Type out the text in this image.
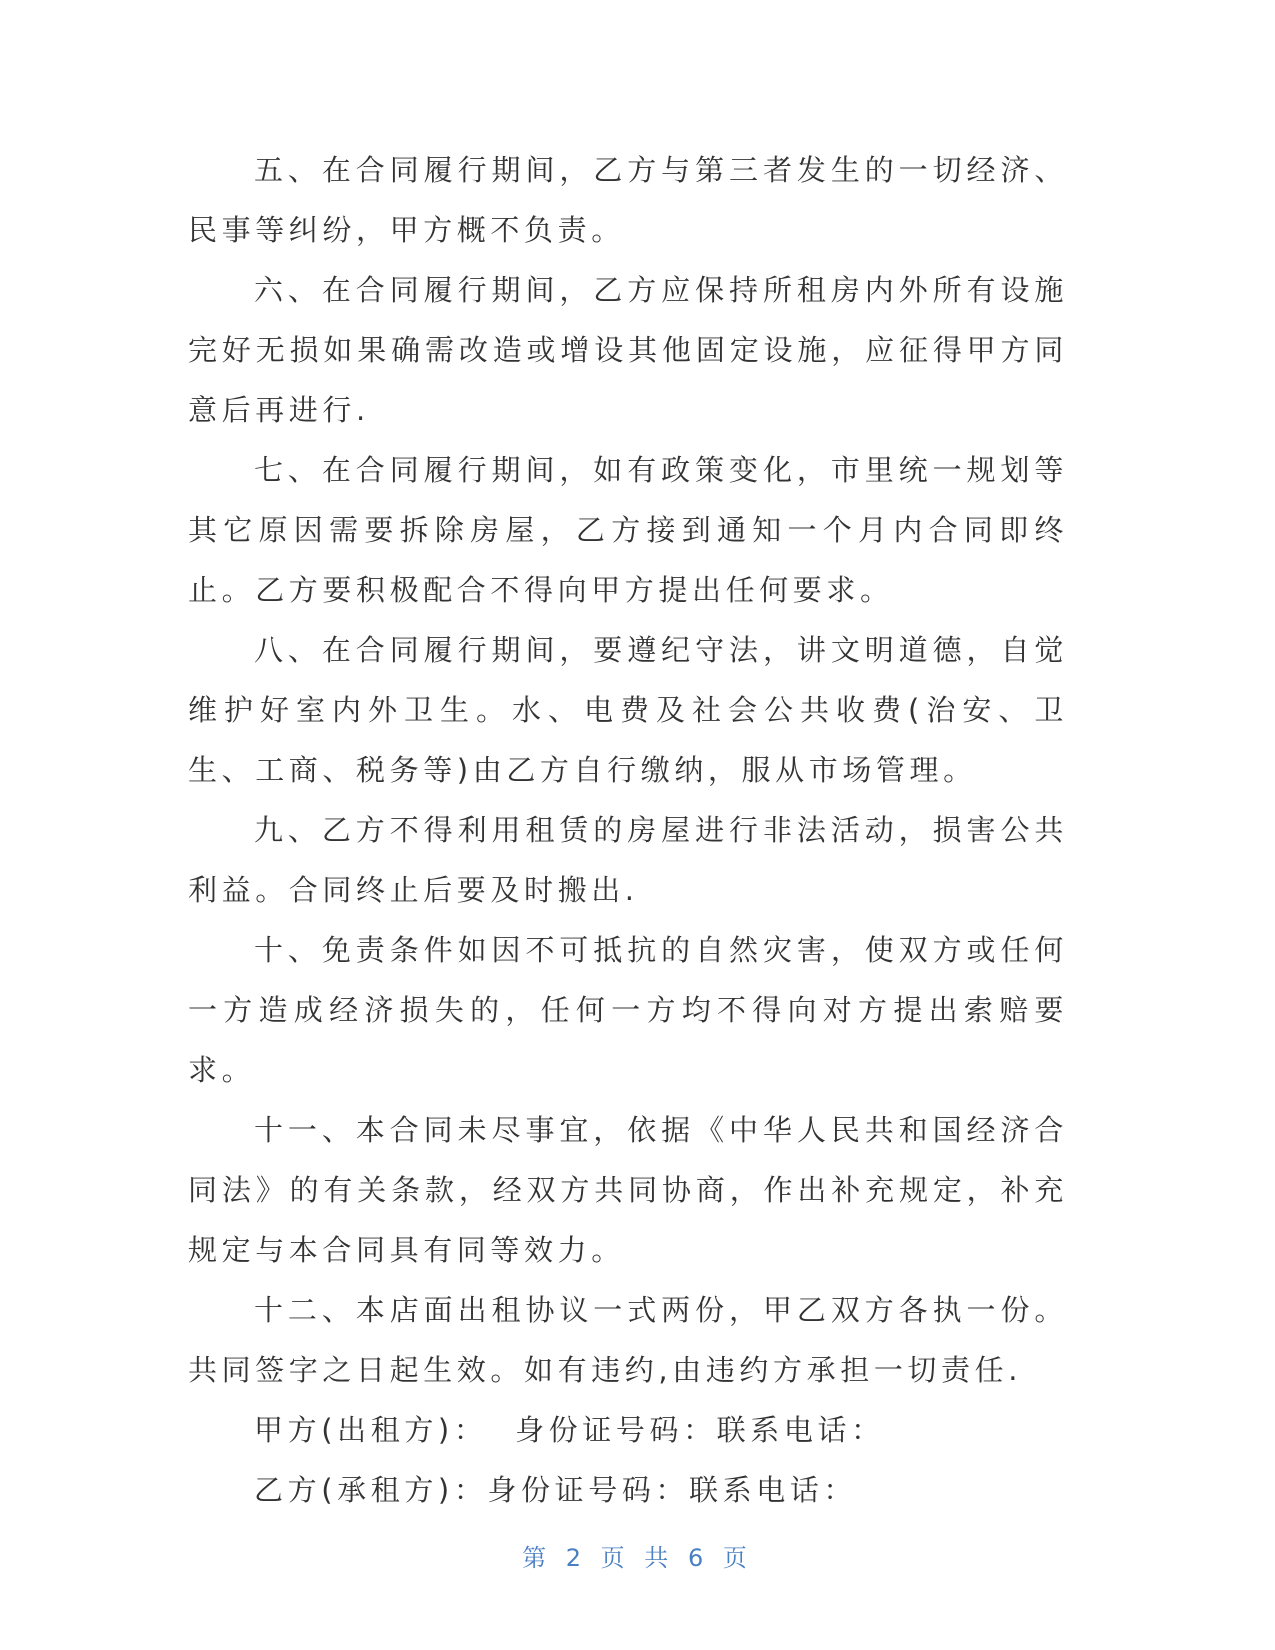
五、在合同履行期间，乙方与第三者发生的一切经济、民事等纠纷，甲方概不负责。

六、在合同履行期间，乙方应保持所租房内外所有设施完好无损如果确需改造或增设其他固定设施，应征得甲方同意后再进行.

七、在合同履行期间，如有政策变化，市里统一规划等其它原因需要拆除房屋，乙方接到通知一个月内合同即终止。乙方要积极配合不得向甲方提出任何要求。

八、在合同履行期间，要遵纪守法，讲文明道德，自觉维护好室内外卫生。水、电费及社会公共收费(治安、卫生、工商、税务等)由乙方自行缴纳，服从市场管理。

九、乙方不得利用租赁的房屋进行非法活动，损害公共利益。合同终止后要及时搬出.

十、免责条件如因不可抵抗的自然灾害，使双方或任何一方造成经济损失的，任何一方均不得向对方提出索赔要求。

十一、本合同未尽事宜，依据《中华人民共和国经济合同法》的有关条款，经双方共同协商，作出补充规定，补充规定与本合同具有同等效力。

十二、本店面出租协议一式两份，甲乙双方各执一份。共同签字之日起生效。如有违约,由违约方承担一切责任.

甲方(出租方)：  身份证号码：联系电话：

乙方(承租方)：身份证号码：联系电话：

第 2 页 共 6 页
